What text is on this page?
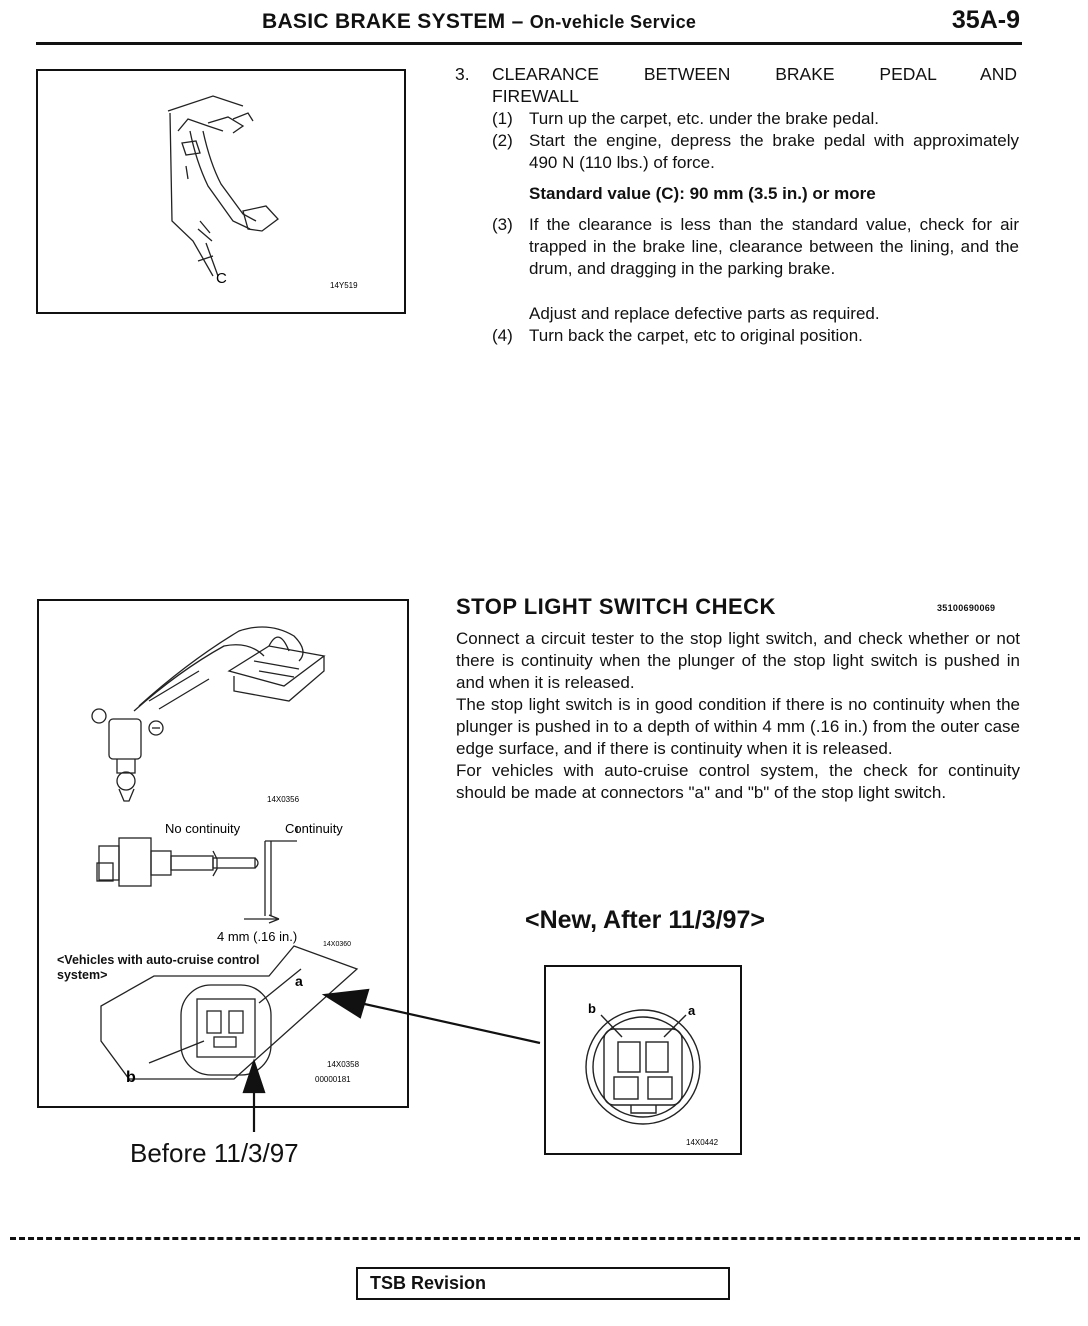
BASIC BRAKE SYSTEM – On-vehicle Service	35A-9
C	14Y519
3. CLEARANCE BETWEEN BRAKE PEDAL AND
FIREWALL
(1) Turn up the carpet, etc. under the brake pedal.
(2) Start the engine, depress the brake pedal with approximately 490 N (110 lbs.) of force.
Standard value (C): 90 mm (3.5 in.) or more
(3) If the clearance is less than the standard value, check for air trapped in the brake line, clearance between the lining, and the drum, and dragging in the parking brake.
Adjust and replace defective parts as required.
(4) Turn back the carpet, etc to original position.
14X0356
No continuity	Continuity
4 mm (.16 in.)
14X0360
<Vehicles with auto-cruise control system>	a
b
14X0358
00000181
STOP LIGHT SWITCH CHECK	35100690069

Connect a circuit tester to the stop light switch, and check whether or not there is continuity when the plunger of the stop light switch is pushed in and when it is released.

The stop light switch is in good condition if there is no continuity when the plunger is pushed in to a depth of within 4 mm (.16 in.) from the outer case edge surface, and if there is continuity when it is released.

For vehicles with auto-cruise control system, the check for continuity should be made at connectors "a" and "b" of the stop light switch.

<New, After 11/3/97>
b	a
14X0442
Before 11/3/97
TSB Revision
